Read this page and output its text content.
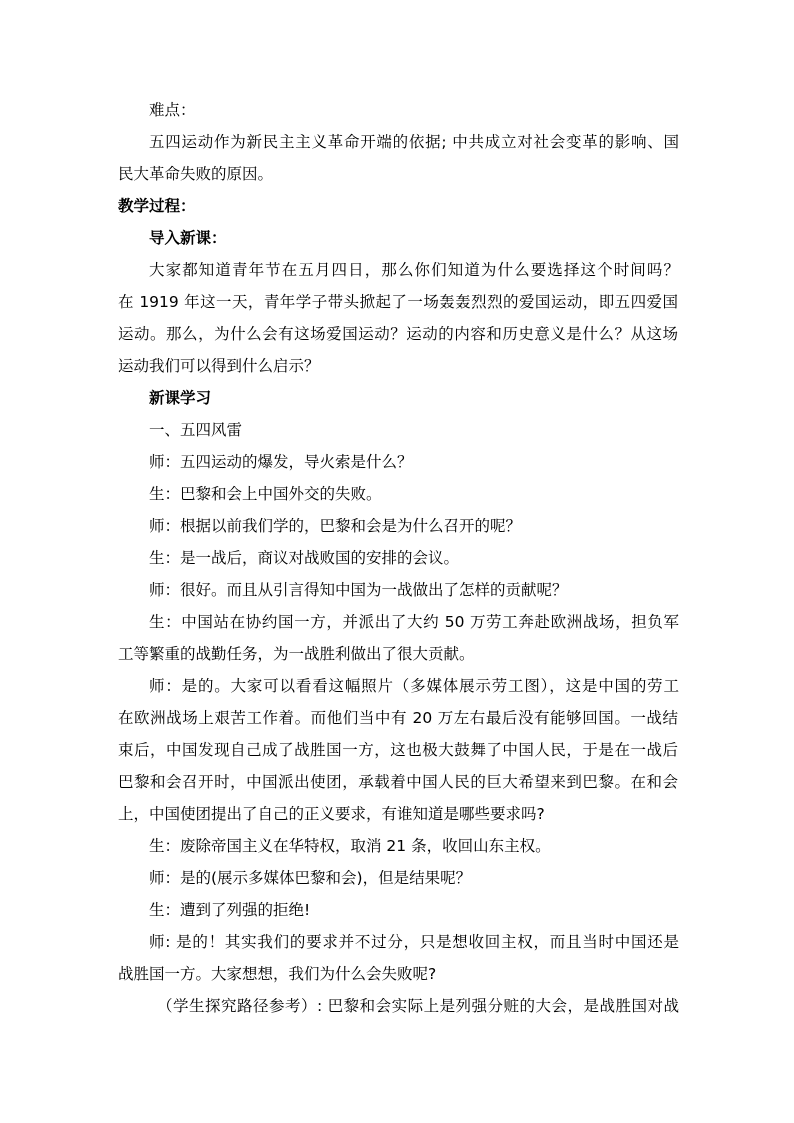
难点：
五四运动作为新民主主义革命开端的依据; 中共成立对社会变革的影响、国
民大革命失败的原因。
教学过程：
导入新课：
大家都知道青年节在五月四日，那么你们知道为什么要选择这个时间吗？
在 1919 年这一天，青年学子带头掀起了一场轰轰烈烈的爱国运动，即五四爱国
运动。那么，为什么会有这场爱国运动？运动的内容和历史意义是什么？从这场
运动我们可以得到什么启示？
新课学习
一、五四风雷
师：五四运动的爆发，导火索是什么？
生：巴黎和会上中国外交的失败。
师：根据以前我们学的，巴黎和会是为什么召开的呢？
生：是一战后，商议对战败国的安排的会议。
师：很好。而且从引言得知中国为一战做出了怎样的贡献呢？
生：中国站在协约国一方，并派出了大约 50 万劳工奔赴欧洲战场，担负军
工等繁重的战勤任务，为一战胜利做出了很大贡献。
师：是的。大家可以看看这幅照片（多媒体展示劳工图），这是中国的劳工
在欧洲战场上艰苦工作着。而他们当中有 20 万左右最后没有能够回国。一战结
束后，中国发现自己成了战胜国一方，这也极大鼓舞了中国人民，于是在一战后
巴黎和会召开时，中国派出使团，承载着中国人民的巨大希望来到巴黎。在和会
上，中国使团提出了自己的正义要求，有谁知道是哪些要求吗?
生：废除帝国主义在华特权，取消 21 条，收回山东主权。
师：是的(展示多媒体巴黎和会)，但是结果呢？
生：遭到了列强的拒绝!
师: 是的！其实我们的要求并不过分，只是想收回主权，而且当时中国还是
战胜国一方。大家想想，我们为什么会失败呢?
（学生探究路径参考）: 巴黎和会实际上是列强分赃的大会，是战胜国对战
